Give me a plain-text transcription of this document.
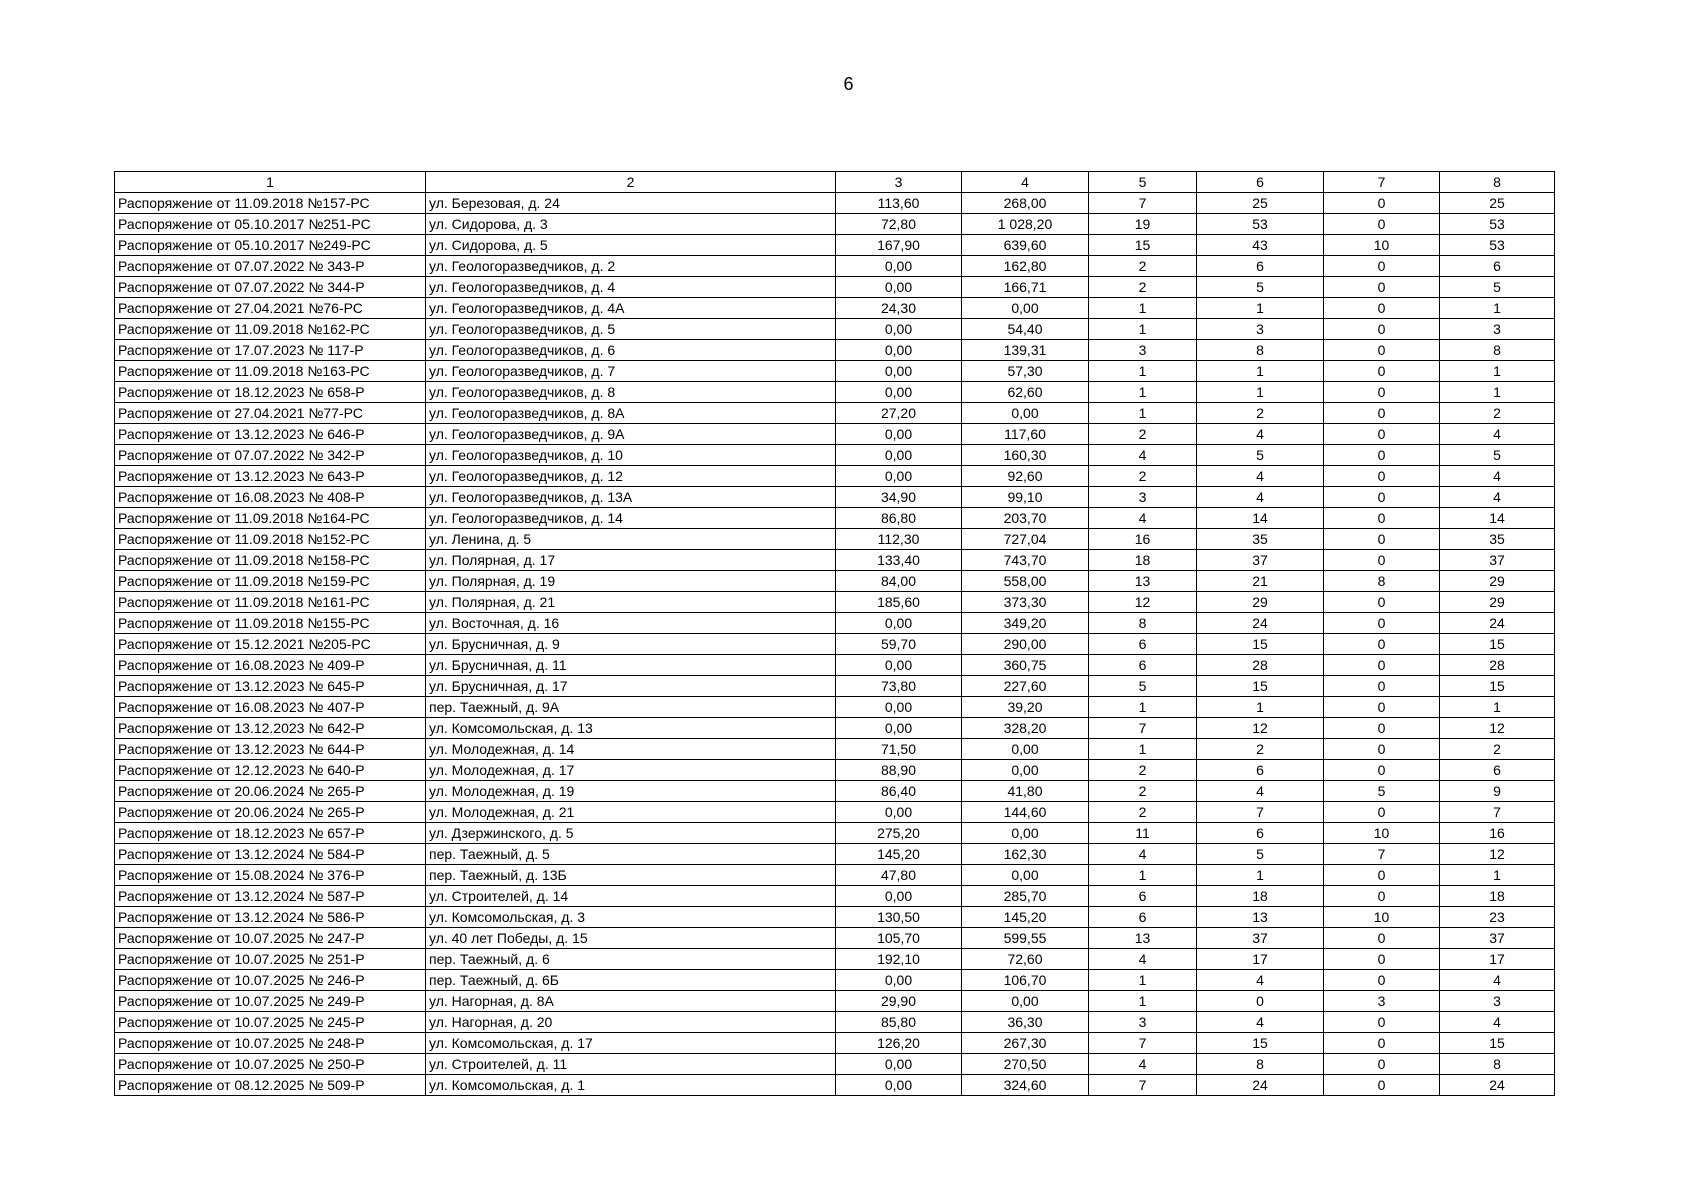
6
1	2	3	4	5	6	7	8
Распоряжение от 11.09.2018 №157-РС	ул. Березовая, д. 24	113,60	268,00	7	25	0	25
Распоряжение от 05.10.2017 №251-РС	ул. Сидорова, д. 3	72,80	1 028,20	19	53	0	53
Распоряжение от 05.10.2017 №249-РС	ул. Сидорова, д. 5	167,90	639,60	15	43	10	53
Распоряжение от 07.07.2022 № 343-Р	ул. Геологоразведчиков, д. 2	0,00	162,80	2	6	0	6
Распоряжение от 07.07.2022 № 344-Р	ул. Геологоразведчиков, д. 4	0,00	166,71	2	5	0	5
Распоряжение от 27.04.2021 №76-РС	ул. Геологоразведчиков, д. 4А	24,30	0,00	1	1	0	1
Распоряжение от 11.09.2018 №162-РС	ул. Геологоразведчиков, д. 5	0,00	54,40	1	3	0	3
Распоряжение от 17.07.2023 № 117-Р	ул. Геологоразведчиков, д. 6	0,00	139,31	3	8	0	8
Распоряжение от 11.09.2018 №163-РС	ул. Геологоразведчиков, д. 7	0,00	57,30	1	1	0	1
Распоряжение от 18.12.2023 № 658-Р	ул. Геологоразведчиков, д. 8	0,00	62,60	1	1	0	1
Распоряжение от 27.04.2021 №77-РС	ул. Геологоразведчиков, д. 8А	27,20	0,00	1	2	0	2
Распоряжение от 13.12.2023 № 646-Р	ул. Геологоразведчиков, д. 9А	0,00	117,60	2	4	0	4
Распоряжение от 07.07.2022 № 342-Р	ул. Геологоразведчиков, д. 10	0,00	160,30	4	5	0	5
Распоряжение от 13.12.2023 № 643-Р	ул. Геологоразведчиков, д. 12	0,00	92,60	2	4	0	4
Распоряжение от 16.08.2023 № 408-Р	ул. Геологоразведчиков, д. 13А	34,90	99,10	3	4	0	4
Распоряжение от 11.09.2018 №164-РС	ул. Геологоразведчиков, д. 14	86,80	203,70	4	14	0	14
Распоряжение от 11.09.2018 №152-РС	ул. Ленина, д. 5	112,30	727,04	16	35	0	35
Распоряжение от 11.09.2018 №158-РС	ул. Полярная, д. 17	133,40	743,70	18	37	0	37
Распоряжение от 11.09.2018 №159-РС	ул. Полярная, д. 19	84,00	558,00	13	21	8	29
Распоряжение от 11.09.2018 №161-РС	ул. Полярная, д. 21	185,60	373,30	12	29	0	29
Распоряжение от 11.09.2018 №155-РС	ул. Восточная, д. 16	0,00	349,20	8	24	0	24
Распоряжение от 15.12.2021 №205-РС	ул. Брусничная, д. 9	59,70	290,00	6	15	0	15
Распоряжение от 16.08.2023 № 409-Р	ул. Брусничная, д. 11	0,00	360,75	6	28	0	28
Распоряжение от 13.12.2023 № 645-Р	ул. Брусничная, д. 17	73,80	227,60	5	15	0	15
Распоряжение от 16.08.2023 № 407-Р	пер. Таежный, д. 9А	0,00	39,20	1	1	0	1
Распоряжение от 13.12.2023 № 642-Р	ул. Комсомольская, д. 13	0,00	328,20	7	12	0	12
Распоряжение от 13.12.2023 № 644-Р	ул. Молодежная, д. 14	71,50	0,00	1	2	0	2
Распоряжение от 12.12.2023 № 640-Р	ул. Молодежная, д. 17	88,90	0,00	2	6	0	6
Распоряжение от 20.06.2024 № 265-Р	ул. Молодежная, д. 19	86,40	41,80	2	4	5	9
Распоряжение от 20.06.2024 № 265-Р	ул. Молодежная, д. 21	0,00	144,60	2	7	0	7
Распоряжение от 18.12.2023 № 657-Р	ул. Дзержинского, д. 5	275,20	0,00	11	6	10	16
Распоряжение от 13.12.2024 № 584-Р	пер. Таежный, д. 5	145,20	162,30	4	5	7	12
Распоряжение от 15.08.2024 № 376-Р	пер. Таежный, д. 13Б	47,80	0,00	1	1	0	1
Распоряжение от 13.12.2024 № 587-Р	ул. Строителей, д. 14	0,00	285,70	6	18	0	18
Распоряжение от 13.12.2024 № 586-Р	ул. Комсомольская, д. 3	130,50	145,20	6	13	10	23
Распоряжение от 10.07.2025 № 247-Р	ул. 40 лет Победы, д. 15	105,70	599,55	13	37	0	37
Распоряжение от 10.07.2025 № 251-Р	пер. Таежный, д. 6	192,10	72,60	4	17	0	17
Распоряжение от 10.07.2025 № 246-Р	пер. Таежный, д. 6Б	0,00	106,70	1	4	0	4
Распоряжение от 10.07.2025 № 249-Р	ул. Нагорная, д. 8А	29,90	0,00	1	0	3	3
Распоряжение от 10.07.2025 № 245-Р	ул. Нагорная, д. 20	85,80	36,30	3	4	0	4
Распоряжение от 10.07.2025 № 248-Р	ул. Комсомольская, д. 17	126,20	267,30	7	15	0	15
Распоряжение от 10.07.2025 № 250-Р	ул. Строителей, д. 11	0,00	270,50	4	8	0	8
Распоряжение от 08.12.2025 № 509-Р	ул. Комсомольская, д. 1	0,00	324,60	7	24	0	24
